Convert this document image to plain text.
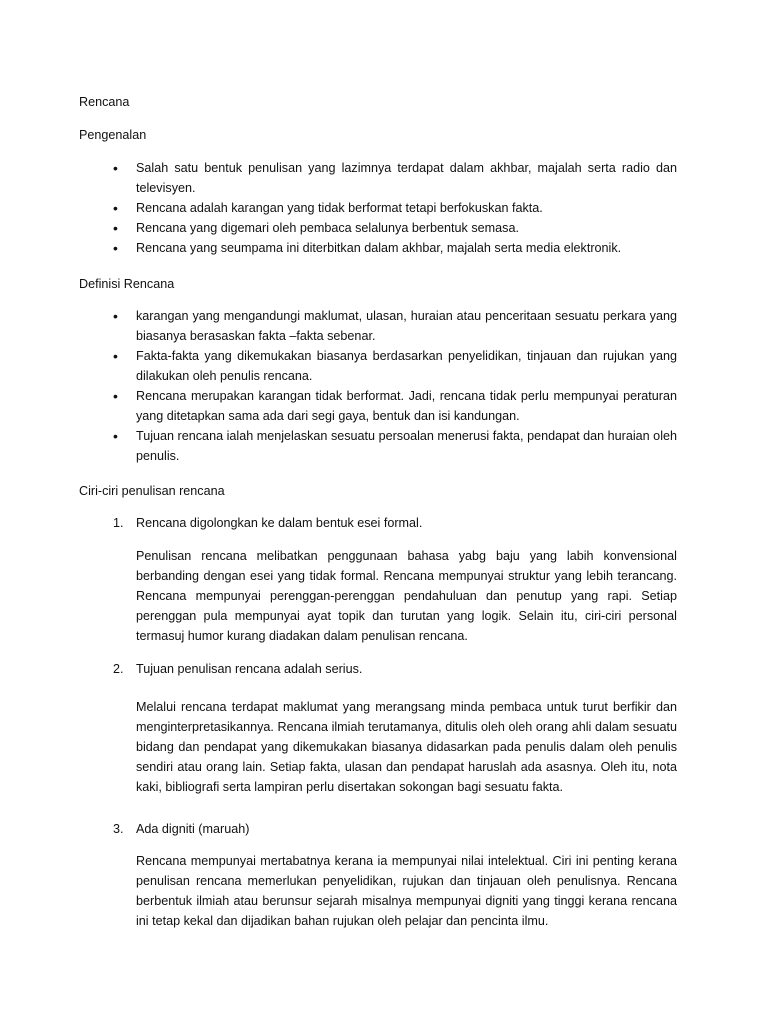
Rencana

Pengenalan

• Salah satu bentuk penulisan yang lazimnya terdapat dalam akhbar, majalah serta radio dan televisyen.
• Rencana adalah karangan yang tidak berformat tetapi berfokuskan fakta.
• Rencana yang digemari oleh pembaca selalunya berbentuk semasa.
• Rencana yang seumpama ini diterbitkan dalam akhbar, majalah serta media elektronik.

Definisi Rencana

• karangan yang mengandungi maklumat, ulasan, huraian atau penceritaan sesuatu perkara yang biasanya berasaskan fakta –fakta sebenar.
• Fakta-fakta yang dikemukakan biasanya berdasarkan penyelidikan, tinjauan dan rujukan yang dilakukan oleh penulis rencana.
• Rencana merupakan karangan tidak berformat. Jadi, rencana tidak perlu mempunyai peraturan yang ditetapkan sama ada dari segi gaya, bentuk dan isi kandungan.
• Tujuan rencana ialah menjelaskan sesuatu persoalan menerusi fakta, pendapat dan huraian oleh penulis.

Ciri-ciri penulisan rencana

1. Rencana digolongkan ke dalam bentuk esei formal.

Penulisan rencana melibatkan penggunaan bahasa yabg baju yang labih konvensional berbanding dengan esei yang tidak formal. Rencana mempunyai struktur yang lebih terancang. Rencana mempunyai perenggan-perenggan pendahuluan dan penutup yang rapi. Setiap perenggan pula mempunyai ayat topik dan turutan yang logik. Selain itu, ciri-ciri personal termasuj humor kurang diadakan dalam penulisan rencana.

2. Tujuan penulisan rencana adalah serius.

Melalui rencana terdapat maklumat yang merangsang minda pembaca untuk turut berfikir dan menginterpretasikannya. Rencana ilmiah terutamanya, ditulis oleh oleh orang ahli dalam sesuatu bidang dan pendapat yang dikemukakan biasanya didasarkan pada penulis dalam oleh penulis sendiri atau orang lain. Setiap fakta, ulasan dan pendapat haruslah ada asasnya. Oleh itu, nota kaki, bibliografi serta lampiran perlu disertakan sokongan bagi sesuatu fakta.

3. Ada digniti (maruah)

Rencana mempunyai mertabatnya kerana ia mempunyai nilai intelektual. Ciri ini penting kerana penulisan rencana memerlukan penyelidikan, rujukan dan tinjauan oleh penulisnya. Rencana berbentuk ilmiah atau berunsur sejarah misalnya mempunyai digniti yang tinggi kerana rencana ini tetap kekal dan dijadikan bahan rujukan oleh pelajar dan pencinta ilmu.
